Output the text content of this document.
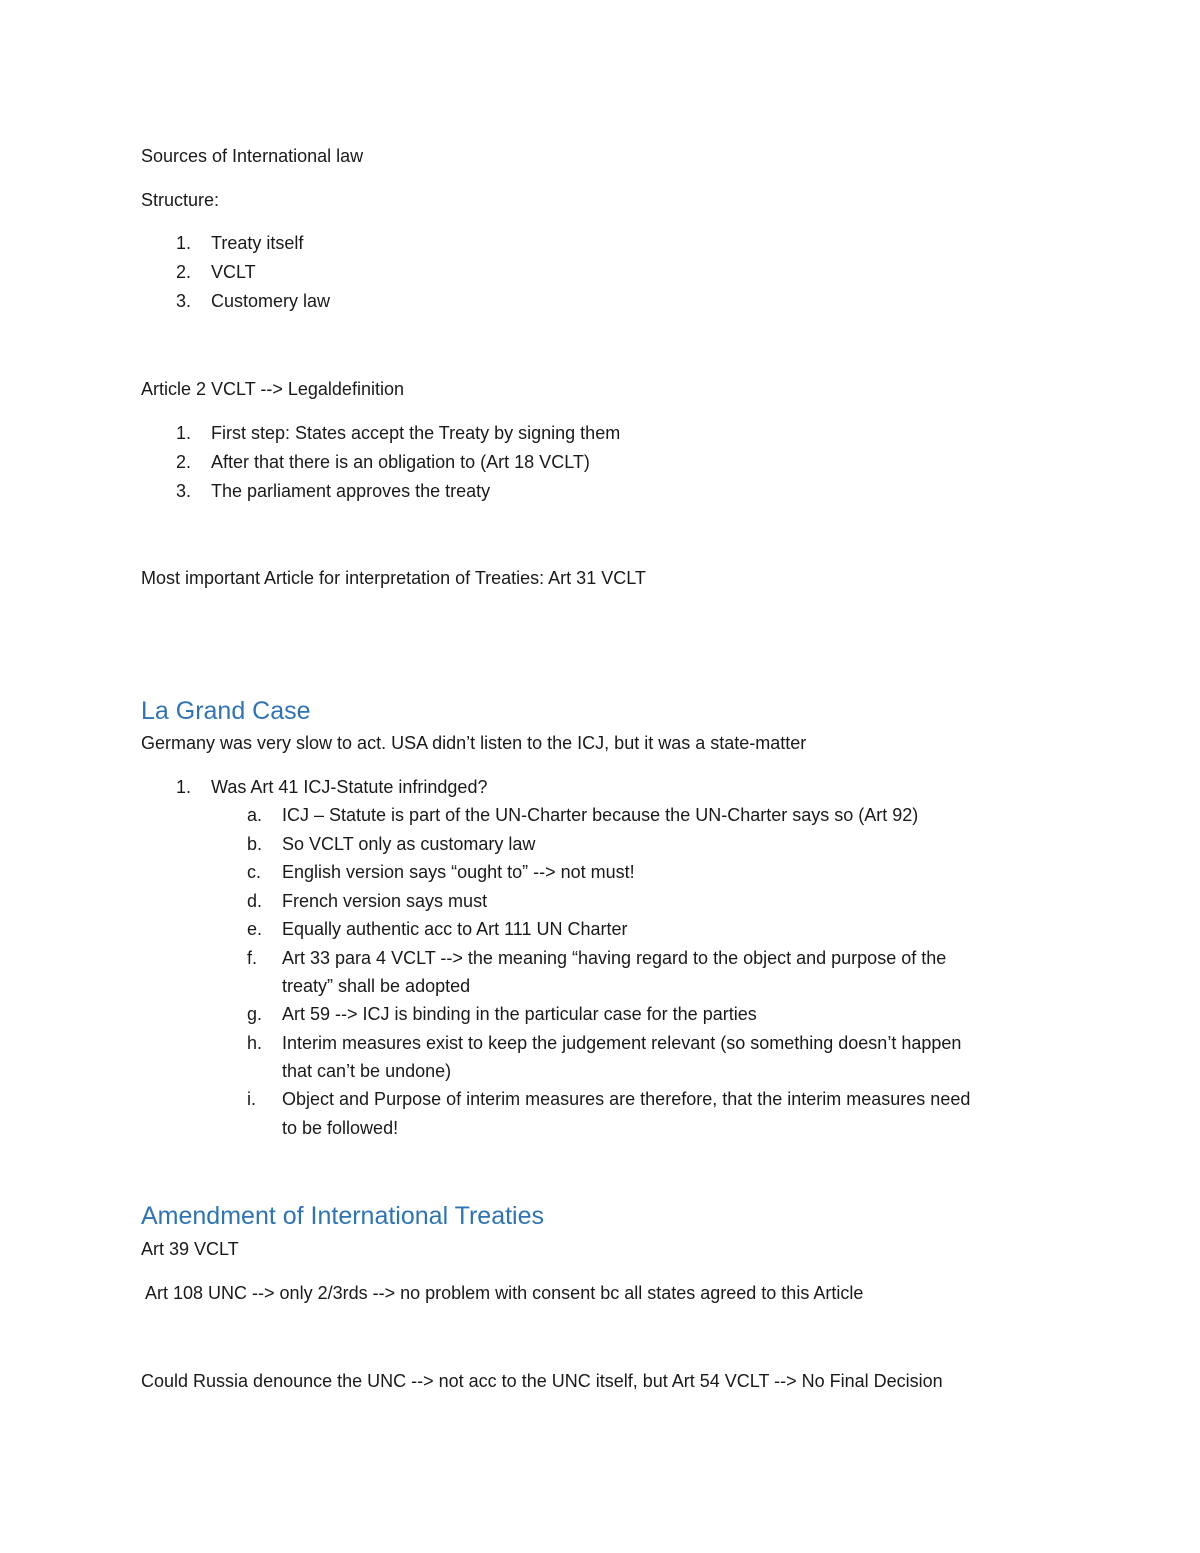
Sources of International law
Structure:
1. Treaty itself
2. VCLT
3. Customery law
Article 2 VCLT --> Legaldefinition
1. First step: States accept the Treaty by signing them
2. After that there is an obligation to (Art 18 VCLT)
3. The parliament approves the treaty
Most important Article for interpretation of Treaties: Art 31 VCLT
La Grand Case
Germany was very slow to act. USA didn’t listen to the ICJ, but it was a state-matter
1. Was Art 41 ICJ-Statute infrindged?
a. ICJ – Statute is part of the UN-Charter because the UN-Charter says so (Art 92)
b. So VCLT only as customary law
c. English version says “ought to” --> not must!
d. French version says must
e. Equally authentic acc to Art 111 UN Charter
f. Art 33 para 4 VCLT --> the meaning “having regard to the object and purpose of the
treaty” shall be adopted
g. Art 59 --> ICJ is binding in the particular case for the parties
h. Interim measures exist to keep the judgement relevant (so something doesn’t happen
that can’t be undone)
i. Object and Purpose of interim measures are therefore, that the interim measures need
to be followed!
Amendment of International Treaties
Art 39 VCLT
Art 108 UNC --> only 2/3rds --> no problem with consent bc all states agreed to this Article
Could Russia denounce the UNC --> not acc to the UNC itself, but Art 54 VCLT --> No Final Decision
